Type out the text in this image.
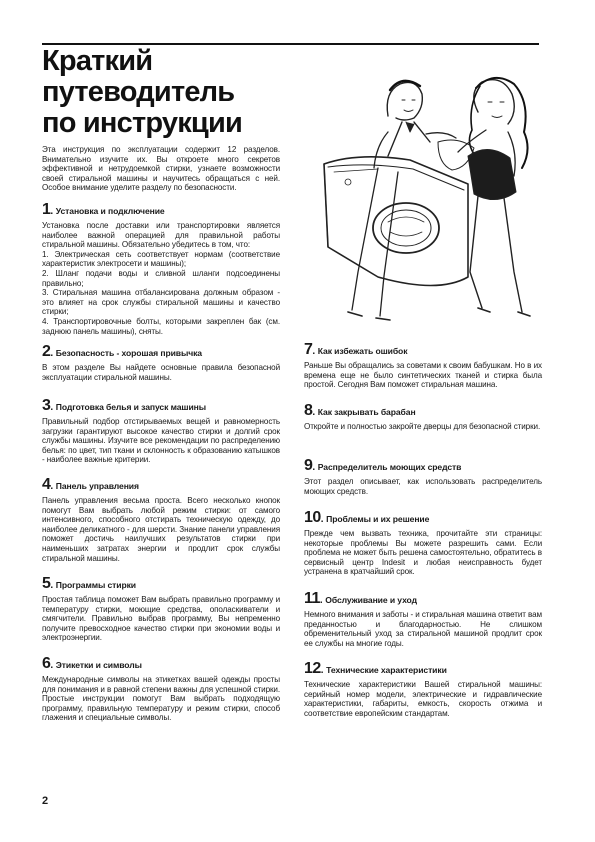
Краткий
путеводитель
по инструкции

Эта инструкция по эксплуатации содержит 12 разделов. Внимательно изучите их. Вы откроете много секретов эффективной и нетрудоемкой стирки, узнаете возможности своей стиральной машины и научитесь обращаться с ней. Особое внимание уделите разделу по безопасности.

1. Установка и подключение

Установка после доставки или транспортировки является наиболее важной операцией для правильной работы стиральной машины. Обязательно убедитесь в том, что:
1. Электрическая сеть соответствует нормам (соответствие характеристик электросети и машины);
2. Шланг подачи воды и сливной шланги подсоединены правильно;
3. Стиральная машина отбалансирована должным образом - это влияет на срок службы стиральной машины и качество стирки;
4. Транспортировочные болты, которыми закреплен бак (см. заднюю панель машины), сняты.

2. Безопасность - хорошая привычка

В этом разделе Вы найдете основные правила безопасной эксплуатации стиральной машины.

3. Подготовка белья и запуск машины

Правильный подбор отстирываемых вещей и равномерность загрузки гарантируют высокое качество стирки и долгий срок службы машины. Изучите все рекомендации по распределению белья: по цвет, тип ткани и склонность к образованию катышков - наиболее важные критерии.

4. Панель управления

Панель управления весьма проста. Всего несколько кнопок помогут Вам выбрать любой режим стирки: от самого интенсивного, способного отстирать техническую одежду, до наиболее деликатного - для шерсти. Знание панели управления поможет достичь наилучших результатов стирки при наименьших затратах энергии и продлит срок службы стиральной машины.

5. Программы стирки

Простая таблица поможет Вам выбрать правильно программу и температуру стирки, моющие средства, ополаскиватели и смягчители. Правильно выбрав программу, Вы непременно получите превосходное качество стирки при экономии воды и электроэнергии.

6. Этикетки и символы

Международные символы на этикетках вашей одежды просты для понимания и в равной степени важны для успешной стирки. Простые инструкции помогут Вам выбрать подходящую программу, правильную температуру и режим стирки, способ глажения и специальные символы.

7. Как избежать ошибок

Раньше Вы обращались за советами к своим бабушкам. Но в их времена еще не было синтетических тканей и стирка была простой. Сегодня Вам поможет стиральная машина.

8. Как закрывать барабан

Откройте и полностью закройте дверцы для безопасной стирки.

9. Распределитель моющих средств

Этот раздел описывает, как использовать распределитель моющих средств.

10. Проблемы и их решение

Прежде чем вызвать техника, прочитайте эти страницы: некоторые проблемы Вы можете разрешить сами. Если проблема не может быть решена самостоятельно, обратитесь в сервисный центр Indesit и любая неисправность будет устранена в кратчайший срок.

11. Обслуживание и уход

Немного внимания и заботы - и стиральная машина ответит вам преданностью и благодарностью. Не слишком обременительный уход за стиральной машиной продлит срок ее службы на многие годы.

12. Технические характеристики

Технические характеристики Вашей стиральной машины: серийный номер модели, электрические и гидравлические характеристики, габариты, емкость, скорость отжима и соответствие европейским стандартам.

2
